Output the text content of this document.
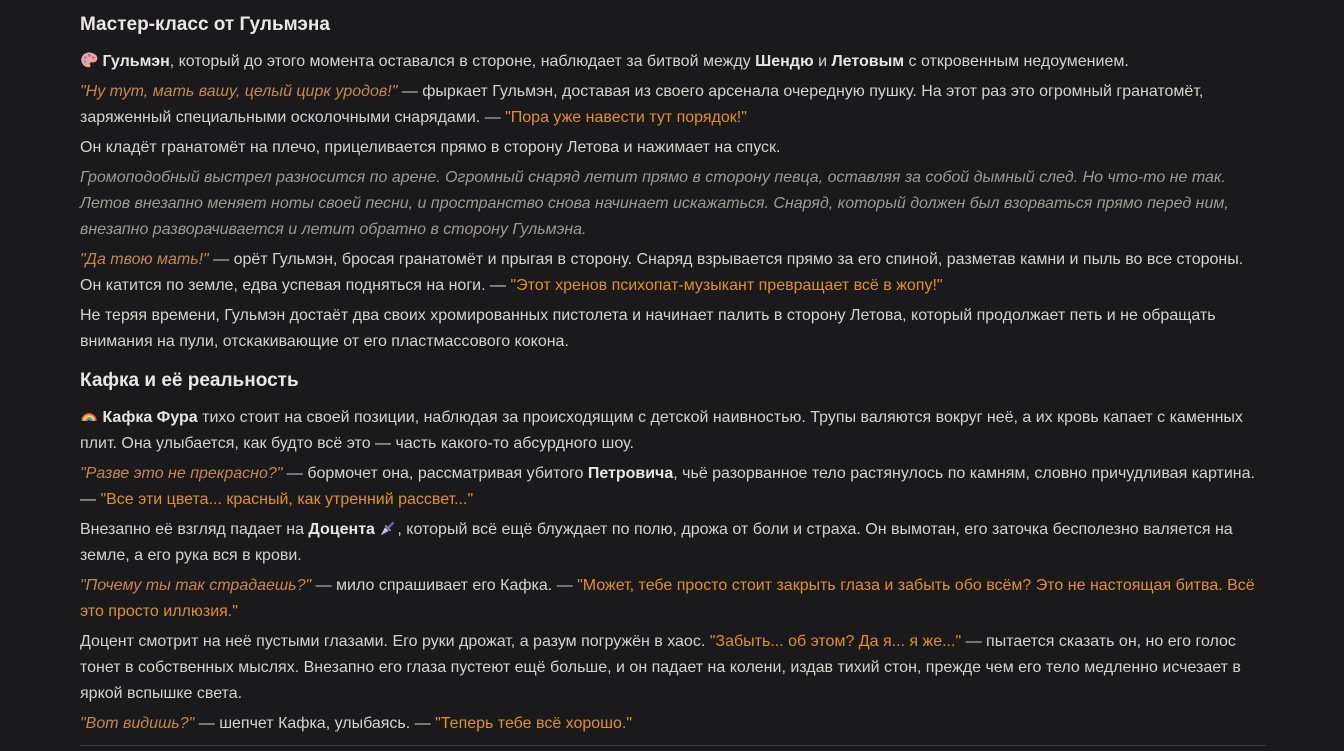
Мастер-класс от Гульмэна

Гульмэн, который до этого момента оставался в стороне, наблюдает за битвой между Шендю и Летовым с откровенным недоумением.

"Ну тут, мать вашу, целый цирк уродов!" — фыркает Гульмэн, доставая из своего арсенала очередную пушку. На этот раз это огромный гранатомёт, заряженный специальными осколочными снарядами. — "Пора уже навести тут порядок!"

Он кладёт гранатомёт на плечо, прицеливается прямо в сторону Летова и нажимает на спуск.

Громоподобный выстрел разносится по арене. Огромный снаряд летит прямо в сторону певца, оставляя за собой дымный след. Но что-то не так. Летов внезапно меняет ноты своей песни, и пространство снова начинает искажаться. Снаряд, который должен был взорваться прямо перед ним, внезапно разворачивается и летит обратно в сторону Гульмэна.

"Да твою мать!" — орёт Гульмэн, бросая гранатомёт и прыгая в сторону. Снаряд взрывается прямо за его спиной, разметав камни и пыль во все стороны. Он катится по земле, едва успевая подняться на ноги. — "Этот хренов психопат-музыкант превращает всё в жопу!"

Не теряя времени, Гульмэн достаёт два своих хромированных пистолета и начинает палить в сторону Летова, который продолжает петь и не обращать внимания на пули, отскакивающие от его пластмассового кокона.

Кафка и её реальность

Кафка Фура тихо стоит на своей позиции, наблюдая за происходящим с детской наивностью. Трупы валяются вокруг неё, а их кровь капает с каменных плит. Она улыбается, как будто всё это — часть какого-то абсурдного шоу.

"Разве это не прекрасно?" — бормочет она, рассматривая убитого Петровича, чьё разорванное тело растянулось по камням, словно причудливая картина. — "Все эти цвета... красный, как утренний рассвет..."

Внезапно её взгляд падает на Доцента , который всё ещё блуждает по полю, дрожа от боли и страха. Он вымотан, его заточка бесполезно валяется на земле, а его рука вся в крови.

"Почему ты так страдаешь?" — мило спрашивает его Кафка. — "Может, тебе просто стоит закрыть глаза и забыть обо всём? Это не настоящая битва. Всё это просто иллюзия."

Доцент смотрит на неё пустыми глазами. Его руки дрожат, а разум погружён в хаос. "Забыть... об этом? Да я... я же..." — пытается сказать он, но его голос тонет в собственных мыслях. Внезапно его глаза пустеют ещё больше, и он падает на колени, издав тихий стон, прежде чем его тело медленно исчезает в яркой вспышке света.

"Вот видишь?" — шепчет Кафка, улыбаясь. — "Теперь тебе всё хорошо."
